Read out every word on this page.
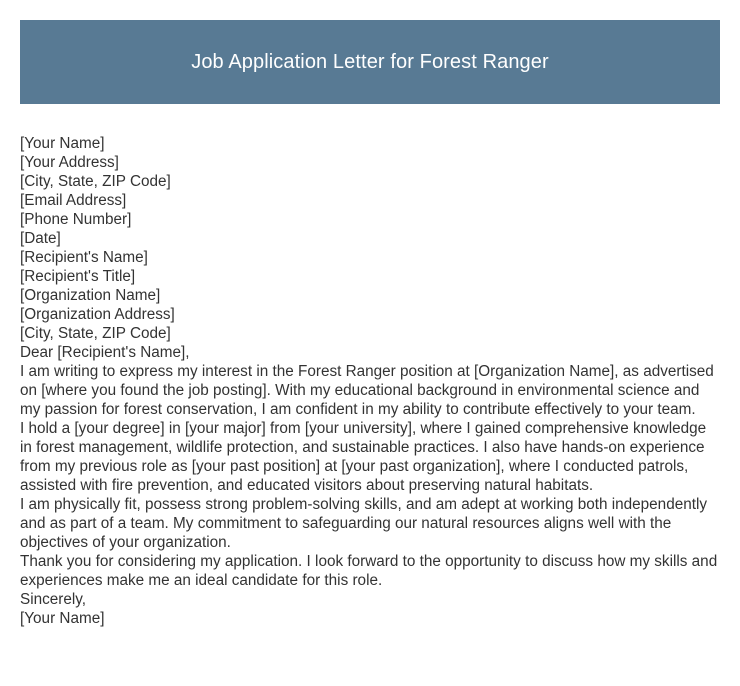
Job Application Letter for Forest Ranger
[Your Name]
[Your Address]
[City, State, ZIP Code]
[Email Address]
[Phone Number]
[Date]
[Recipient's Name]
[Recipient's Title]
[Organization Name]
[Organization Address]
[City, State, ZIP Code]
Dear [Recipient's Name],
I am writing to express my interest in the Forest Ranger position at [Organization Name], as advertised on [where you found the job posting]. With my educational background in environmental science and my passion for forest conservation, I am confident in my ability to contribute effectively to your team.
I hold a [your degree] in [your major] from [your university], where I gained comprehensive knowledge in forest management, wildlife protection, and sustainable practices. I also have hands-on experience from my previous role as [your past position] at [your past organization], where I conducted patrols, assisted with fire prevention, and educated visitors about preserving natural habitats.
I am physically fit, possess strong problem-solving skills, and am adept at working both independently and as part of a team. My commitment to safeguarding our natural resources aligns well with the objectives of your organization.
Thank you for considering my application. I look forward to the opportunity to discuss how my skills and experiences make me an ideal candidate for this role.
Sincerely,
[Your Name]
